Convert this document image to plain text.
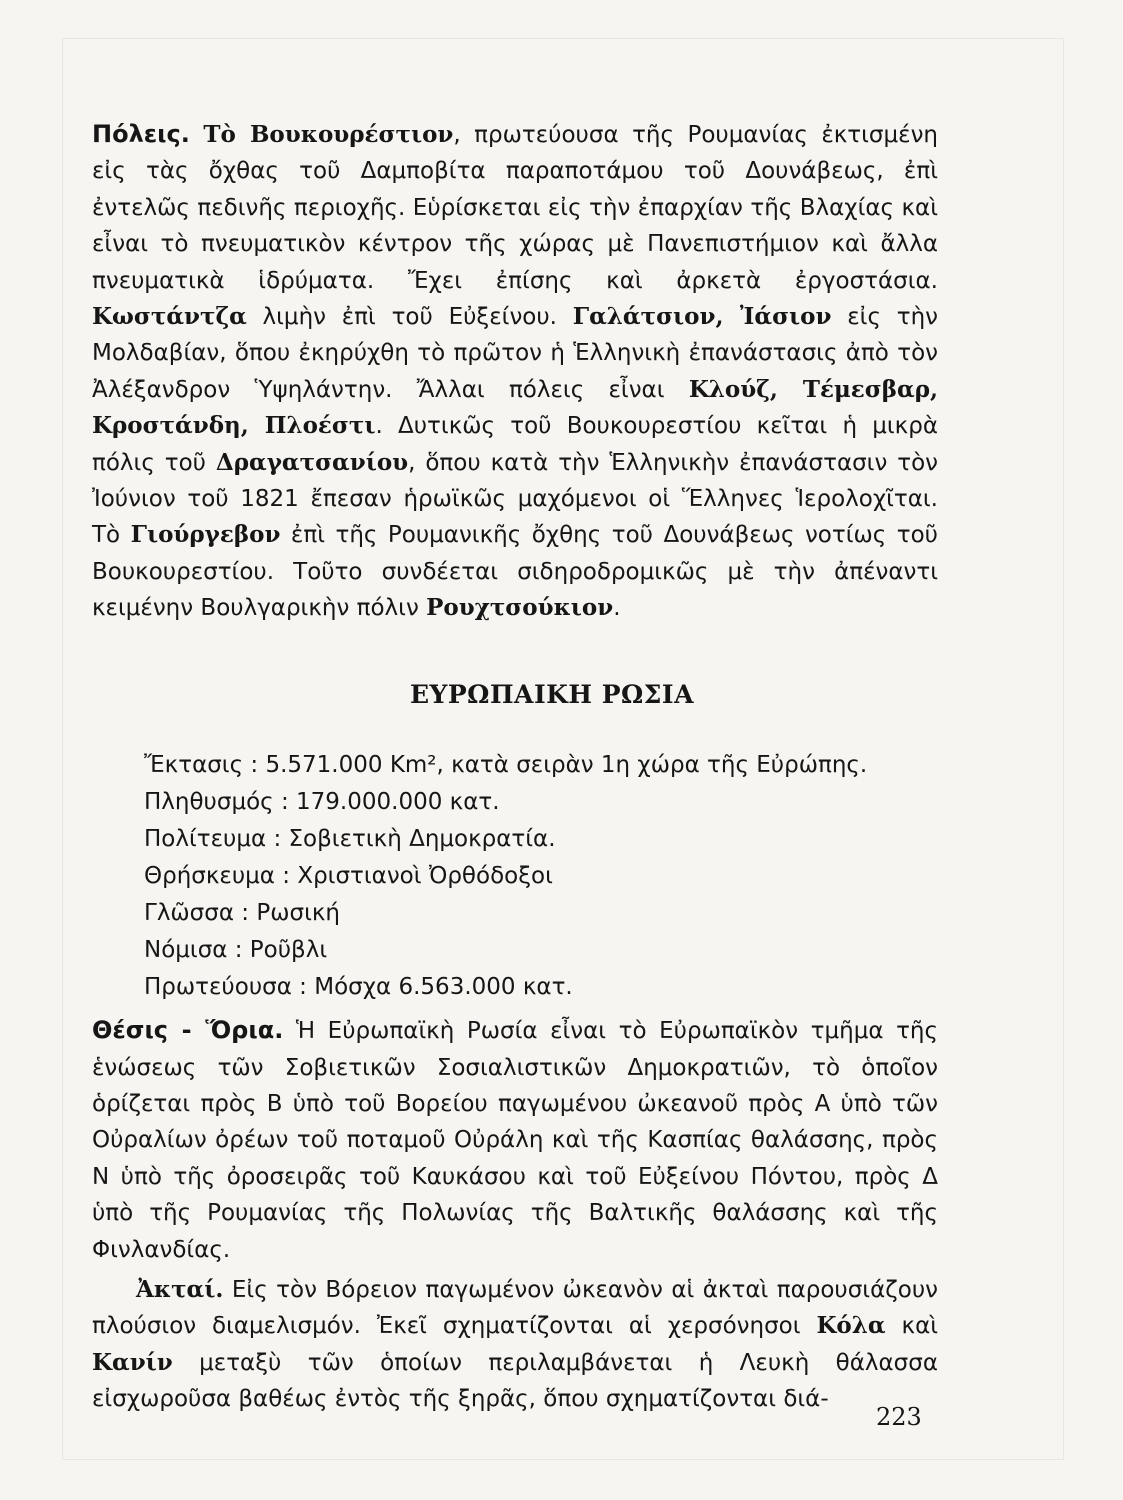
Πόλεις. Τὸ Βουκουρέστιον, πρωτεύουσα τῆς Ρουμανίας ἐκτισμένη εἰς τὰς ὄχθας τοῦ Δαμποβίτα παραποτάμου τοῦ Δουνάβεως, ἐπὶ ἐντελῶς πεδινῆς περιοχῆς. Εὑρίσκεται εἰς τὴν ἐπαρχίαν τῆς Βλαχίας καὶ εἶναι τὸ πνευματικὸν κέντρον τῆς χώρας μὲ Πανεπιστήμιον καὶ ἄλλα πνευματικὰ ἱδρύματα. Ἔχει ἐπίσης καὶ ἀρκετὰ ἐργοστάσια. Κωστάντζα λιμὴν ἐπὶ τοῦ Εὐξείνου. Γαλάτσιον, Ἰάσιον εἰς τὴν Μολδαβίαν, ὅπου ἐκηρύχθη τὸ πρῶτον ἡ Ἑλληνικὴ ἐπανάστασις ἀπὸ τὸν Ἀλέξανδρον Ὑψηλάντην. Ἄλλαι πόλεις εἶναι Κλούζ, Τέμεσβαρ, Κροστάνδη, Πλοέστι. Δυτικῶς τοῦ Βουκουρεστίου κεῖται ἡ μικρὰ πόλις τοῦ Δραγατσανίου, ὅπου κατὰ τὴν Ἑλληνικὴν ἐπανάστασιν τὸν Ἰούνιον τοῦ 1821 ἔπεσαν ἡρωϊκῶς μαχόμενοι οἱ Ἕλληνες Ἱερολοχῖται. Τὸ Γιούργεβον ἐπὶ τῆς Ρουμανικῆς ὄχθης τοῦ Δουνάβεως νοτίως τοῦ Βουκουρεστίου. Τοῦτο συνδέεται σιδηροδρομικῶς μὲ τὴν ἀπέναντι κειμένην Βουλγαρικὴν πόλιν Ρουχτσούκιον.

ΕΥΡΩΠΑΙΚΗ ΡΩΣΙΑ
Ἔκτασις : 5.571.000 Km², κατὰ σειρὰν 1η χώρα τῆς Εὐρώπης.
Πληθυσμός : 179.000.000 κατ.
Πολίτευμα : Σοβιετικὴ Δημοκρατία.
Θρήσκευμα : Χριστιανοὶ Ὀρθόδοξοι
Γλῶσσα : Ρωσική
Νόμισα : Ροῦβλι
Πρωτεύουσα : Μόσχα 6.563.000 κατ.

Θέσις - Ὅρια. Ἡ Εὐρωπαϊκὴ Ρωσία εἶναι τὸ Εὐρωπαϊκὸν τμῆμα τῆς ἑνώσεως τῶν Σοβιετικῶν Σοσιαλιστικῶν Δημοκρατιῶν, τὸ ὁποῖον ὁρίζεται πρὸς Β ὑπὸ τοῦ Βορείου παγωμένου ὠκεανοῦ πρὸς Α ὑπὸ τῶν Οὐραλίων ὀρέων τοῦ ποταμοῦ Οὐράλη καὶ τῆς Κασπίας θαλάσσης, πρὸς Ν ὑπὸ τῆς ὀροσειρᾶς τοῦ Καυκάσου καὶ τοῦ Εὐξείνου Πόντου, πρὸς Δ ὑπὸ τῆς Ρουμανίας τῆς Πολωνίας τῆς Βαλτικῆς θαλάσσης καὶ τῆς Φινλανδίας.

Ἀκταί. Εἰς τὸν Βόρειον παγωμένον ὠκεανὸν αἱ ἀκταὶ παρουσιάζουν πλούσιον διαμελισμόν. Ἐκεῖ σχηματίζονται αἱ χερσόνησοι Κόλα καὶ Κανίν μεταξὺ τῶν ὁποίων περιλαμβάνεται ἡ Λευκὴ θάλασσα εἰσχωροῦσα βαθέως ἐντὸς τῆς ξηρᾶς, ὅπου σχηματίζονται διά-

223
